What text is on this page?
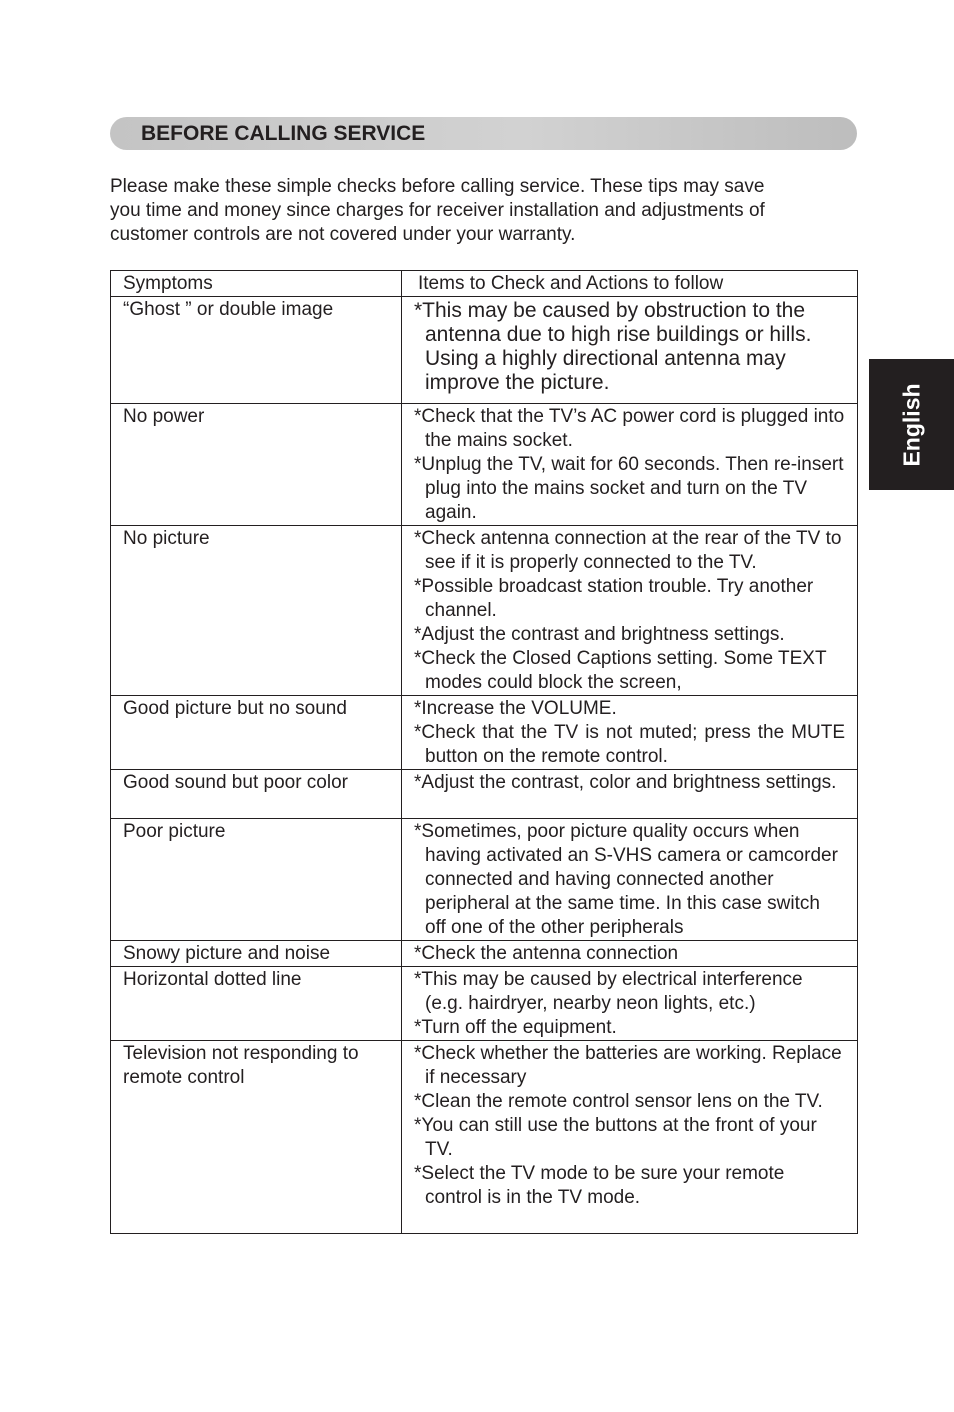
BEFORE CALLING SERVICE
Please make these simple checks before calling service. These tips may save
you time and money since charges for receiver installation and adjustments of
customer controls are not covered under your warranty.
English
Symptoms	Items to Check and Actions to follow
“Ghost ” or double image	*This may be caused by obstruction to the antenna due to high rise buildings or hills. Using a highly directional antenna may improve the picture.

No power	*Check that the TV’s AC power cord is plugged into the mains socket.

*Unplug the TV, wait for 60 seconds. Then re-insert plug into the mains socket and turn on the TV again.

No picture	*Check antenna connection at the rear of the TV to see if it is properly connected to the TV.

*Possible broadcast station trouble. Try another channel.

*Adjust the contrast and brightness settings.

*Check the Closed Captions setting. Some TEXT modes could block the screen,

Good picture but no sound	*Increase the VOLUME.

*Check that the TV is not muted; press the MUTE button on the remote control.

Good sound but poor color	*Adjust the contrast, color and brightness settings.

Poor picture	*Sometimes, poor picture quality occurs when having activated an S-VHS camera or camcorder connected and having connected another peripheral at the same time. In this case switch off one of the other peripherals

Snowy picture and noise	*Check the antenna connection

Horizontal dotted line	*This may be caused by electrical interference (e.g. hairdryer, nearby neon lights, etc.)

*Turn off the equipment.

Television not responding to remote control	*Check whether the batteries are working. Replace if necessary

*Clean the remote control sensor lens on the TV.

*You can still use the buttons at the front of your TV.

*Select the TV mode to be sure your remote control is in the TV mode.
